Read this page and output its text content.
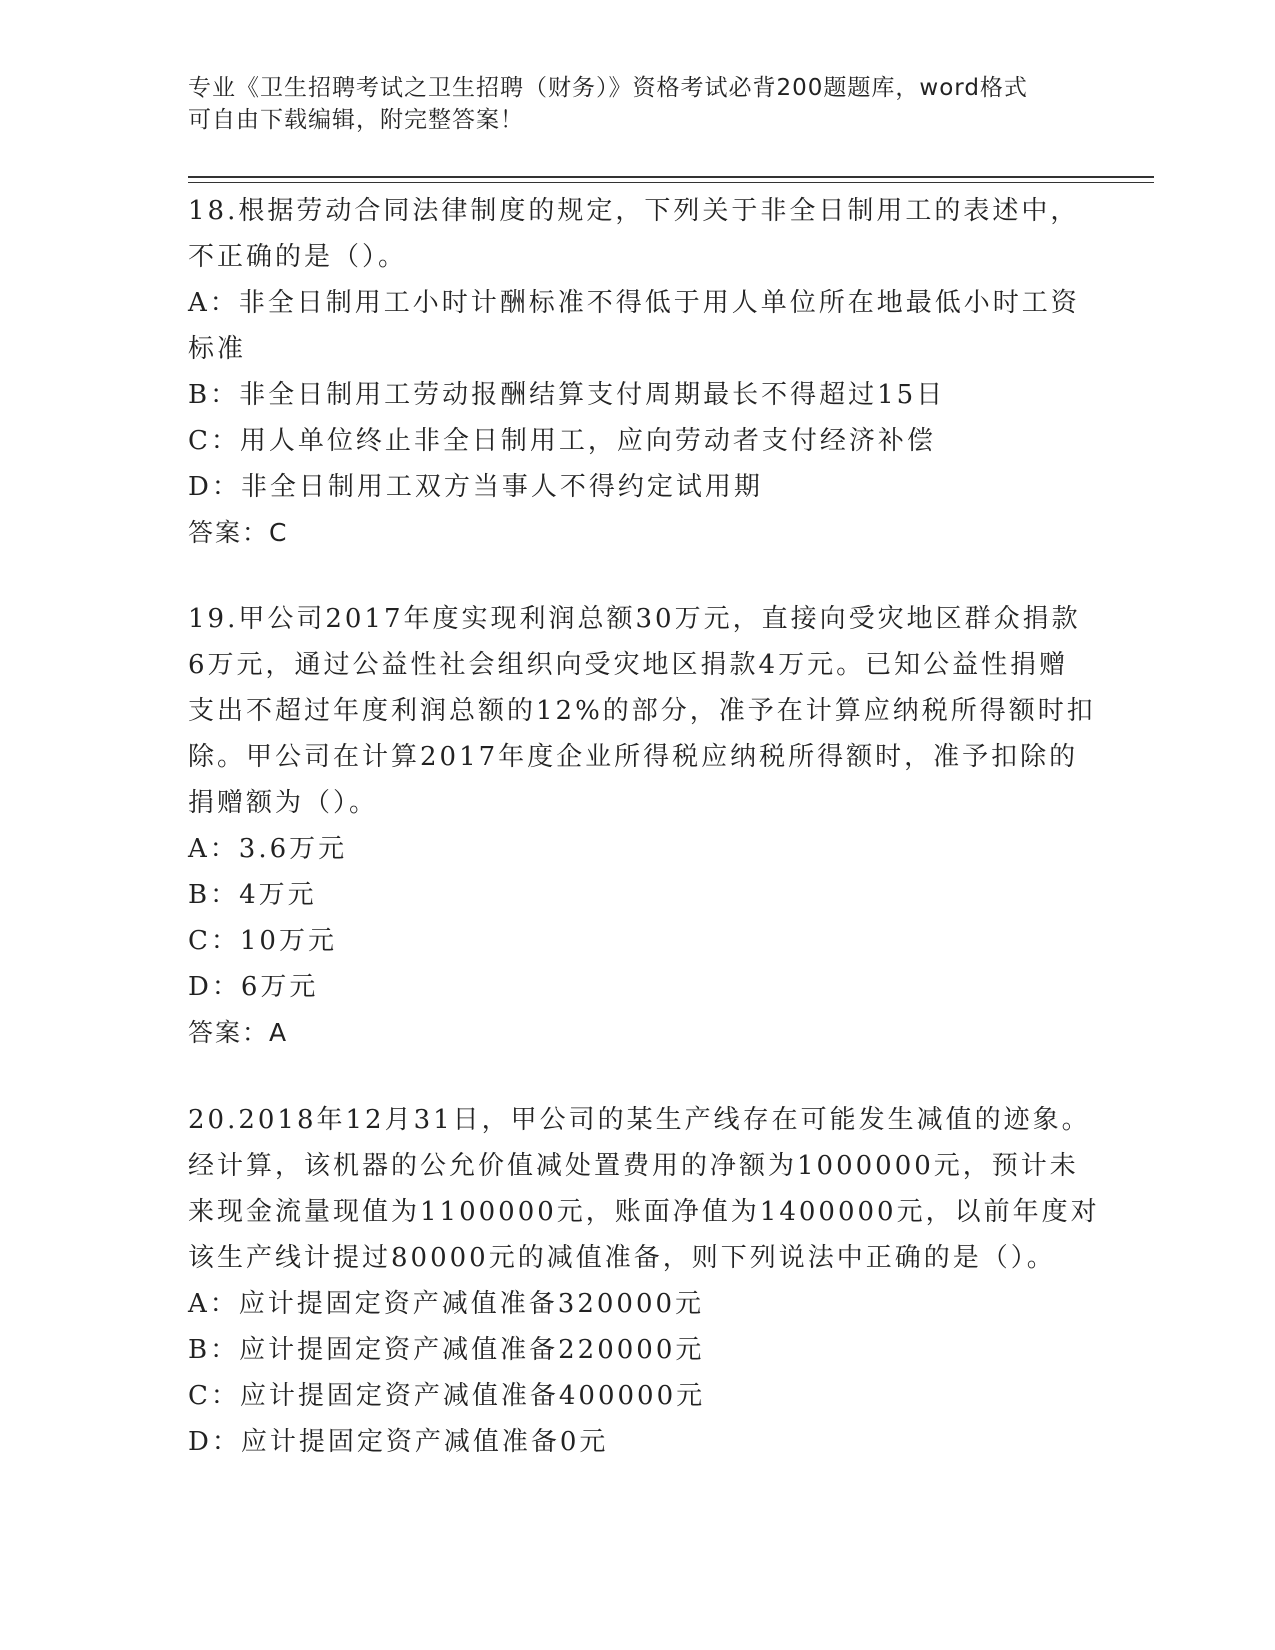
专业《卫生招聘考试之卫生招聘（财务）》资格考试必背200题题库，word格式
可自由下载编辑，附完整答案！
18.根据劳动合同法律制度的规定，下列关于非全日制用工的表述中，
不正确的是（）。
A：非全日制用工小时计酬标准不得低于用人单位所在地最低小时工资
标准
B：非全日制用工劳动报酬结算支付周期最长不得超过15日
C：用人单位终止非全日制用工，应向劳动者支付经济补偿
D：非全日制用工双方当事人不得约定试用期
答案：C
19.甲公司2017年度实现利润总额30万元，直接向受灾地区群众捐款
6万元，通过公益性社会组织向受灾地区捐款4万元。已知公益性捐赠
支出不超过年度利润总额的12%的部分，准予在计算应纳税所得额时扣
除。甲公司在计算2017年度企业所得税应纳税所得额时，准予扣除的
捐赠额为（）。
A：3.6万元
B：4万元
C：10万元
D：6万元
答案：A
20.2018年12月31日，甲公司的某生产线存在可能发生减值的迹象。
经计算，该机器的公允价值减处置费用的净额为1000000元，预计未
来现金流量现值为1100000元，账面净值为1400000元，以前年度对
该生产线计提过80000元的减值准备，则下列说法中正确的是（）。
A：应计提固定资产减值准备320000元
B：应计提固定资产减值准备220000元
C：应计提固定资产减值准备400000元
D：应计提固定资产减值准备0元
